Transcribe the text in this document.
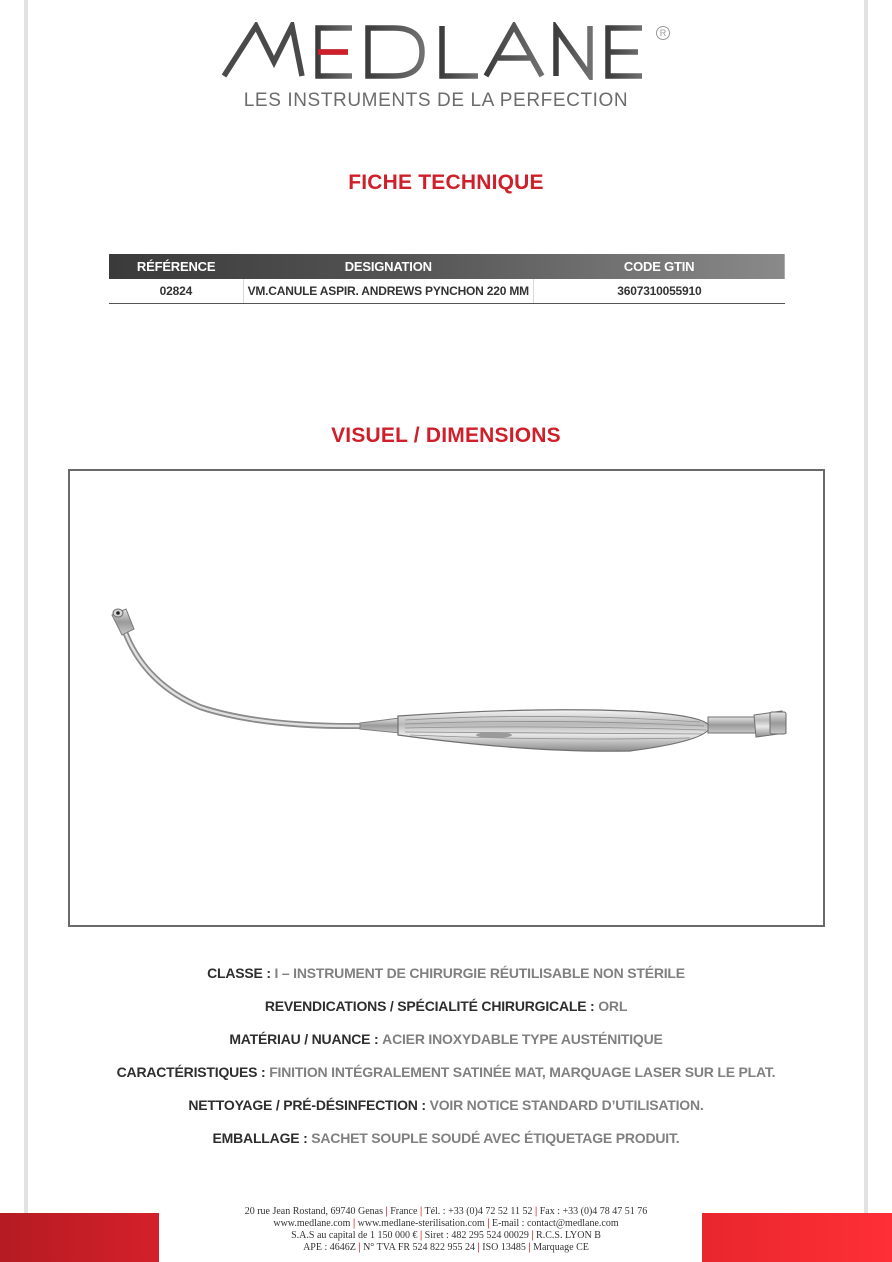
R
LES INSTRUMENTS DE LA PERFECTION
FICHE TECHNIQUE
RÉFÉRENCE	DESIGNATION	CODE GTIN
02824	VM.CANULE ASPIR. ANDREWS PYNCHON 220 MM	3607310055910
VISUEL / DIMENSIONS
CLASSE : I – INSTRUMENT DE CHIRURGIE RÉUTILISABLE NON STÉRILE
REVENDICATIONS / SPÉCIALITÉ CHIRURGICALE : ORL
MATÉRIAU / NUANCE : ACIER INOXYDABLE TYPE AUSTÉNITIQUE
CARACTÉRISTIQUES : FINITION INTÉGRALEMENT SATINÉE MAT, MARQUAGE LASER SUR LE PLAT.
NETTOYAGE / PRÉ-DÉSINFECTION : VOIR NOTICE STANDARD D’UTILISATION.
EMBALLAGE : SACHET SOUPLE SOUDÉ AVEC ÉTIQUETAGE PRODUIT.
20 rue Jean Rostand, 69740 Genas | France | Tél. : +33 (0)4 72 52 11 52 | Fax : +33 (0)4 78 47 51 76
www.medlane.com | www.medlane-sterilisation.com | E-mail : contact@medlane.com
S.A.S au capital de 1 150 000 € | Siret : 482 295 524 00029 | R.C.S. LYON B
APE : 4646Z | N° TVA FR 524 822 955 24 | ISO 13485 | Marquage CE
